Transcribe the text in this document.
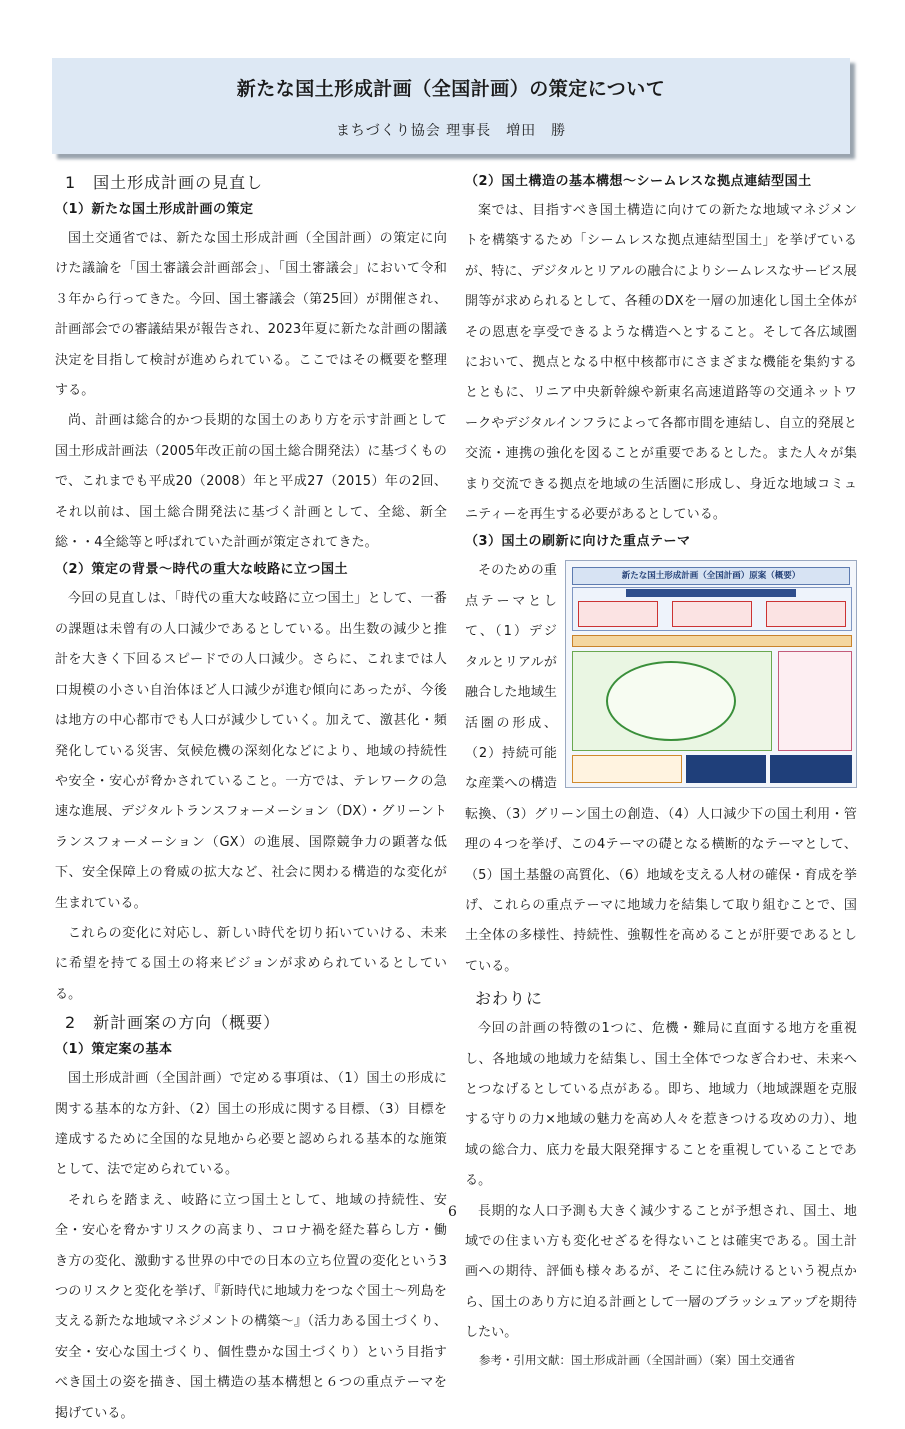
新たな国土形成計画（全国計画）の策定について
まちづくり協会 理事長　増田　勝
1　国土形成計画の見直し
（1）新たな国土形成計画の策定

国土交通省では、新たな国土形成計画（全国計画）の策定に向けた議論を「国土審議会計画部会」、「国土審議会」において令和３年から行ってきた。今回、国土審議会（第25回）が開催され、計画部会での審議結果が報告され、2023年夏に新たな計画の閣議決定を目指して検討が進められている。ここではその概要を整理する。

尚、計画は総合的かつ長期的な国土のあり方を示す計画として国土形成計画法（2005年改正前の国土総合開発法）に基づくもので、これまでも平成20（2008）年と平成27（2015）年の2回、それ以前は、国土総合開発法に基づく計画として、全総、新全総・・4全総等と呼ばれていた計画が策定されてきた。

（2）策定の背景～時代の重大な岐路に立つ国土

今回の見直しは、「時代の重大な岐路に立つ国土」として、一番の課題は未曾有の人口減少であるとしている。出生数の減少と推計を大きく下回るスピードでの人口減少。さらに、これまでは人口規模の小さい自治体ほど人口減少が進む傾向にあったが、今後は地方の中心都市でも人口が減少していく。加えて、激甚化・頻発化している災害、気候危機の深刻化などにより、地域の持続性や安全・安心が脅かされていること。一方では、テレワークの急速な進展、デジタルトランスフォーメーション（DX）・グリーントランスフォーメーション（GX）の進展、国際競争力の顕著な低下、安全保障上の脅威の拡大など、社会に関わる構造的な変化が生まれている。

これらの変化に対応し、新しい時代を切り拓いていける、未来に希望を持てる国土の将来ビジョンが求められているとしている。

2　新計画案の方向（概要）
（1）策定案の基本

国土形成計画（全国計画）で定める事項は、（1）国土の形成に関する基本的な方針、（2）国土の形成に関する目標、（3）目標を達成するために全国的な見地から必要と認められる基本的な施策として、法で定められている。

それらを踏まえ、岐路に立つ国土として、地域の持続性、安全・安心を脅かすリスクの高まり、コロナ禍を経た暮らし方・働き方の変化、激動する世界の中での日本の立ち位置の変化という3つのリスクと変化を挙げ、『新時代に地域力をつなぐ国土～列島を支える新たな地域マネジメントの構築～』（活力ある国土づくり、安全・安心な国土づくり、個性豊かな国土づくり）という目指すべき国土の姿を描き、国土構造の基本構想と６つの重点テーマを掲げている。

（2）国土構造の基本構想～シームレスな拠点連結型国土

案では、目指すべき国土構造に向けての新たな地域マネジメントを構築するため「シームレスな拠点連結型国土」を挙げているが、特に、デジタルとリアルの融合によりシームレスなサービス展開等が求められるとして、各種のDXを一層の加速化し国土全体がその恩恵を享受できるような構造へとすること。そして各広域圏において、拠点となる中枢中核都市にさまざまな機能を集約するとともに、リニア中央新幹線や新東名高速道路等の交通ネットワークやデジタルインフラによって各都市間を連結し、自立的発展と交流・連携の強化を図ることが重要であるとした。また人々が集まり交流できる拠点を地域の生活圏に形成し、身近な地域コミュニティーを再生する必要があるとしている。

（3）国土の刷新に向けた重点テーマ
新たな国土形成計画（全国計画）原案（概要）

そのための重点テーマとして、（1）デジタルとリアルが融合した地域生活圏の形成、（2）持続可能な産業への構造転換、（3）グリーン国土の創造、（4）人口減少下の国土利用・管理の４つを挙げ、この4テーマの礎となる横断的なテーマとして、（5）国土基盤の高質化、（6）地域を支える人材の確保・育成を挙げ、これらの重点テーマに地域力を結集して取り組むことで、国土全体の多様性、持続性、強靱性を高めることが肝要であるとしている。

おわりに

今回の計画の特徴の1つに、危機・難局に直面する地方を重視し、各地域の地域力を結集し、国土全体でつなぎ合わせ、未来へとつなげるとしている点がある。即ち、地域力（地域課題を克服する守りの力×地域の魅力を高め人々を惹きつける攻めの力）、地域の総合力、底力を最大限発揮することを重視していることである。

長期的な人口予測も大きく減少することが予想され、国土、地域での住まい方も変化せざるを得ないことは確実である。国土計画への期待、評価も様々あるが、そこに住み続けるという視点から、国土のあり方に迫る計画として一層のブラッシュアップを期待したい。

参考・引用文献：国土形成計画（全国計画）（案）国土交通省
6
